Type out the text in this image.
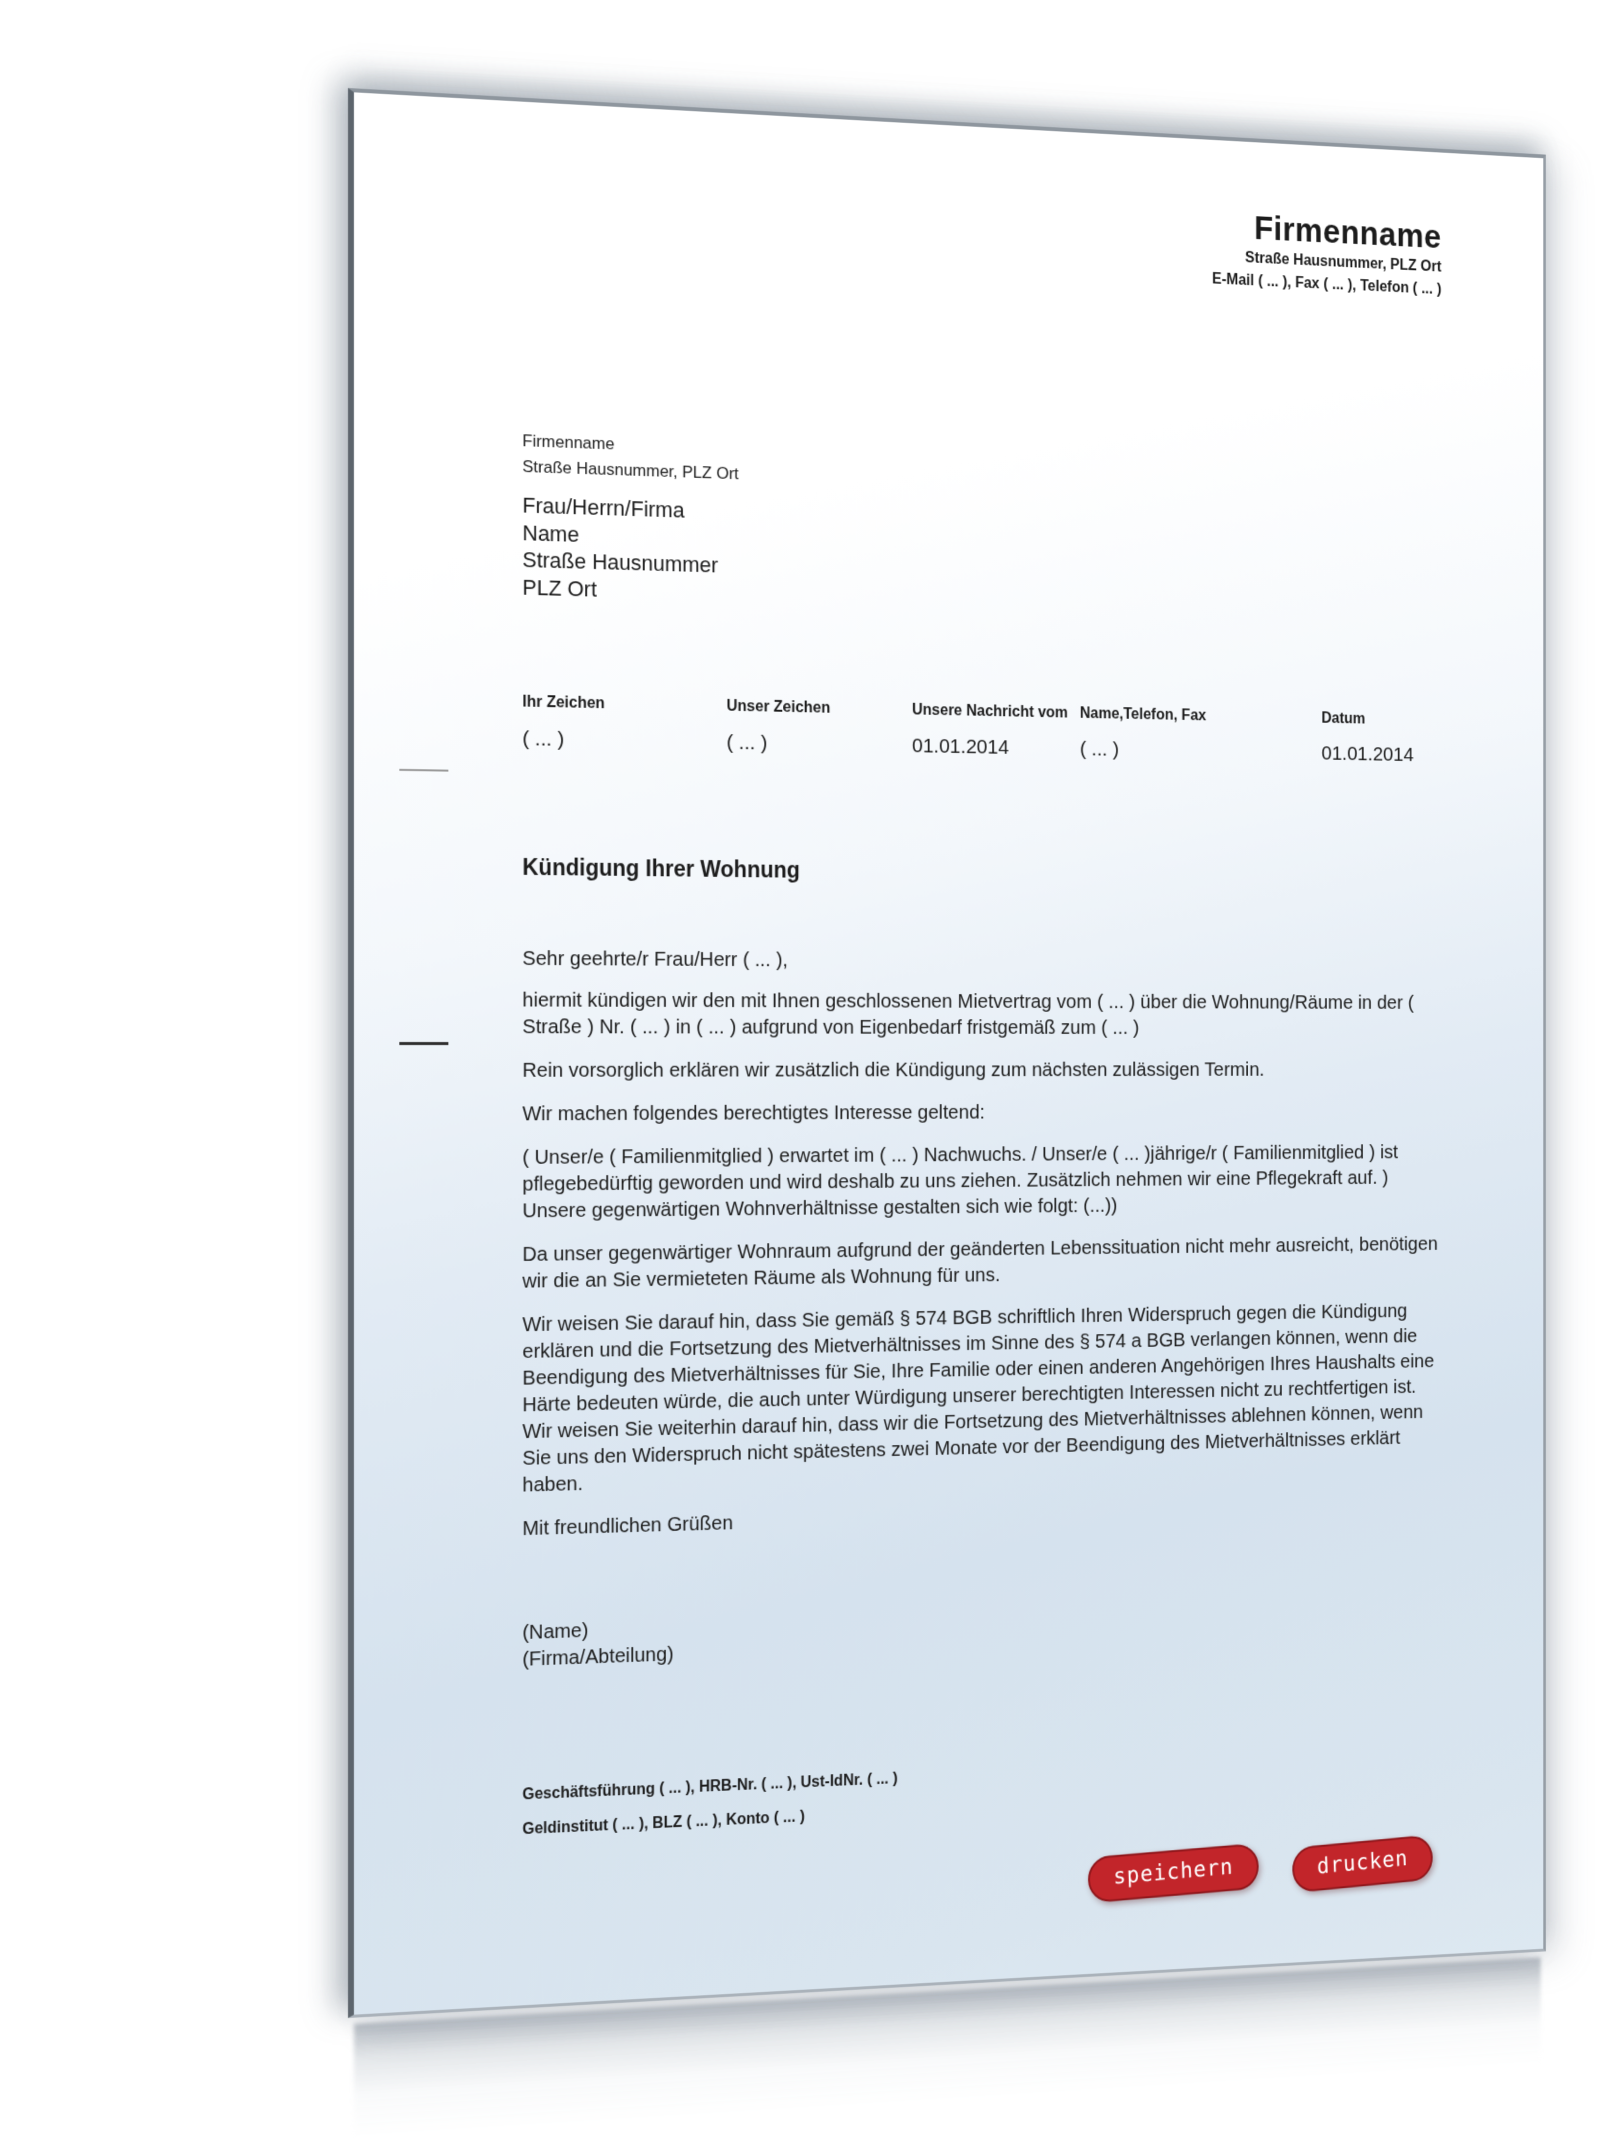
Firmenname
Straße Hausnummer, PLZ Ort
E-Mail ( ... ), Fax ( ... ), Telefon ( ... )
Firmenname
Straße Hausnummer, PLZ Ort
Frau/Herrn/Firma
Name
Straße Hausnummer
PLZ Ort
Ihr Zeichen
( ... )
Unser Zeichen
( ... )
Unsere Nachricht vom
01.01.2014
Name,Telefon, Fax
( ... )
Datum
01.01.2014
Kündigung Ihrer Wohnung

Sehr geehrte/r Frau/Herr ( ... ),

hiermit kündigen wir den mit Ihnen geschlossenen Mietvertrag vom ( ... ) über die Wohnung/Räume in der ( Straße ) Nr. ( ... ) in ( ... ) aufgrund von Eigenbedarf fristgemäß zum ( ... )

Rein vorsorglich erklären wir zusätzlich die Kündigung zum nächsten zulässigen Termin.

Wir machen folgendes berechtigtes Interesse geltend:

( Unser/e ( Familienmitglied ) erwartet im ( ... ) Nachwuchs. / Unser/e ( ... )jährige/r ( Familienmitglied ) ist pflegebedürftig geworden und wird deshalb zu uns ziehen. Zusätzlich nehmen wir eine Pflegekraft auf. ) Unsere gegenwärtigen Wohnverhältnisse gestalten sich wie folgt: (...))

Da unser gegenwärtiger Wohnraum aufgrund der geänderten Lebenssituation nicht mehr ausreicht, benötigen wir die an Sie vermieteten Räume als Wohnung für uns.

Wir weisen Sie darauf hin, dass Sie gemäß § 574 BGB schriftlich Ihren Widerspruch gegen die Kündigung erklären und die Fortsetzung des Mietverhältnisses im Sinne des § 574 a BGB verlangen können, wenn die Beendigung des Mietverhältnisses für Sie, Ihre Familie oder einen anderen Angehörigen Ihres Haushalts eine Härte bedeuten würde, die auch unter Würdigung unserer berechtigten Interessen nicht zu rechtfertigen ist. Wir weisen Sie weiterhin darauf hin, dass wir die Fortsetzung des Mietverhältnisses ablehnen können, wenn Sie uns den Widerspruch nicht spätestens zwei Monate vor der Beendigung des Mietverhältnisses erklärt haben.

Mit freundlichen Grüßen

(Name)
(Firma/Abteilung)
Geschäftsführung ( ... ), HRB-Nr. ( ... ), Ust-IdNr. ( ... )
Geldinstitut ( ... ), BLZ ( ... ), Konto ( ... )
speichern	drucken
